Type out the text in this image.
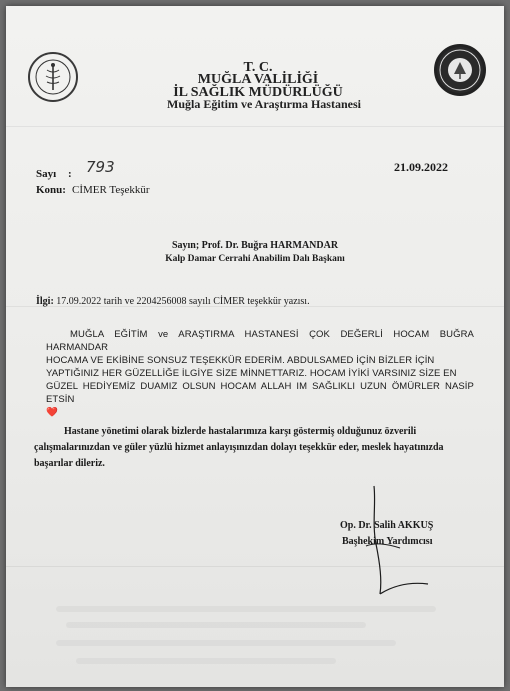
T. C.
MUĞLA VALİLİĞİ
İL SAĞLIK MÜDÜRLÜĞÜ
Muğla Eğitim ve Araştırma Hastanesi
21.09.2022
Sayı : 793
Konu: CİMER Teşekkür
Sayın; Prof. Dr. Buğra HARMANDAR
Kalp Damar Cerrahi Anabilim Dalı Başkanı
İlgi: 17.09.2022 tarih ve 2204256008 sayılı CİMER teşekkür yazısı.
MUĞLA EĞİTİM ve ARAŞTIRMA HASTANESİ ÇOK DEĞERLİ HOCAM BUĞRA HARMANDAR
HOCAMA VE EKİBİNE SONSUZ TEŞEKKÜR EDERİM. ABDULSAMED İÇİN BİZLER İÇİN
YAPTIĞINIZ HER GÜZELLİĞE İLGİYE SİZE MİNNETTARIZ. HOCAM İYİKİ VARSINIZ SİZE EN
GÜZEL HEDİYEMİZ DUAMIZ OLSUN HOCAM ALLAH IM SAĞLIKLI UZUN ÖMÜRLER NASİP ETSİN
❤️
Hastane yönetimi olarak bizlerde hastalarımıza karşı göstermiş olduğunuz özverili
çalışmalarınızdan ve güler yüzlü hizmet anlayışınızdan dolayı teşekkür eder, meslek hayatınızda
başarılar dileriz.
Op. Dr. Salih AKKUŞ
Başhekim Yardımcısı
